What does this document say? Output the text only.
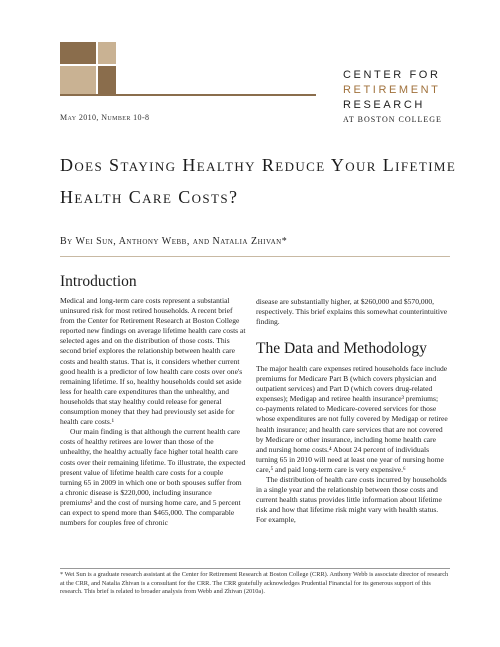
CENTER FOR
RETIREMENT
RESEARCH
AT BOSTON COLLEGE
May 2010, Number 10-8
Does Staying Healthy Reduce Your Lifetime Health Care Costs?
By Wei Sun, Anthony Webb, and Natalia Zhivan*
Introduction

Medical and long-term care costs represent a substantial uninsured risk for most retired households. A recent brief from the Center for Retirement Research at Boston College reported new findings on average lifetime health care costs at selected ages and on the distribution of those costs. This second brief explores the relationship between health care costs and health status. That is, it considers whether current good health is a predictor of low health care costs over one's remaining lifetime. If so, healthy households could set aside less for health care expenditures than the unhealthy, and households that stay healthy could release for general consumption money that they had previously set aside for health care costs.¹

Our main finding is that although the current health care costs of healthy retirees are lower than those of the unhealthy, the healthy actually face higher total health care costs over their remaining lifetime. To illustrate, the expected present value of lifetime health care costs for a couple turning 65 in 2009 in which one or both spouses suffer from a chronic disease is $220,000, including insurance premiums² and the cost of nursing home care, and 5 percent can expect to spend more than $465,000. The comparable numbers for couples free of chronic

disease are substantially higher, at $260,000 and $570,000, respectively. This brief explains this somewhat counterintuitive finding.

The Data and Methodology

The major health care expenses retired households face include premiums for Medicare Part B (which covers physician and outpatient services) and Part D (which covers drug-related expenses); Medigap and retiree health insurance³ premiums; co-payments related to Medicare-covered services for those whose expenditures are not fully covered by Medigap or retiree health insurance; and health care services that are not covered by Medicare or other insurance, including home health care and nursing home costs.⁴ About 24 percent of individuals turning 65 in 2010 will need at least one year of nursing home care,⁵ and paid long-term care is very expensive.⁶

The distribution of health care costs incurred by households in a single year and the relationship between those costs and current health status provides little information about lifetime risk and how that lifetime risk might vary with health status. For example,

* Wei Sun is a graduate research assistant at the Center for Retirement Research at Boston College (CRR). Anthony Webb is associate director of research at the CRR, and Natalia Zhivan is a consultant for the CRR. The CRR gratefully acknowledges Prudential Financial for its generous support of this research. This brief is related to broader analysis from Webb and Zhivan (2010a).
